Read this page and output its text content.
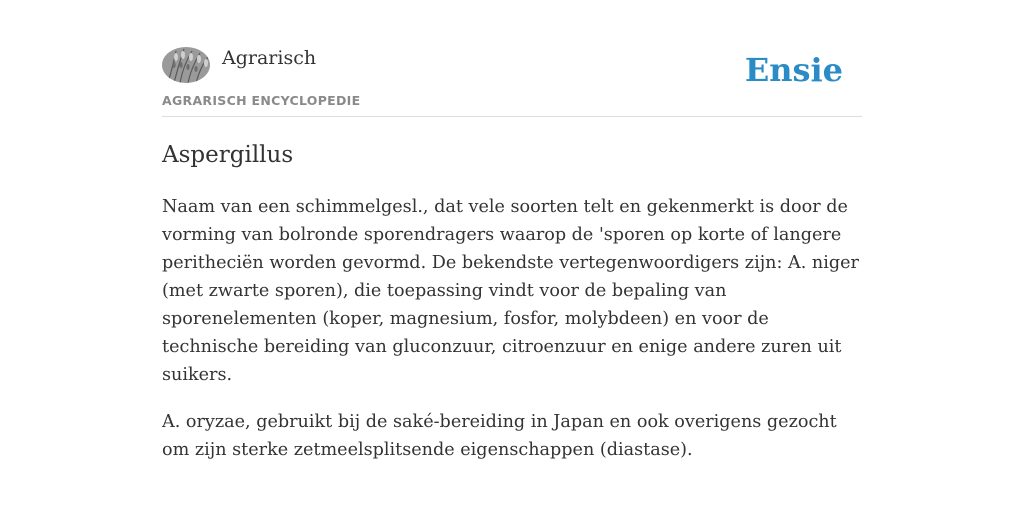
Agrarisch
AGRARISCH ENCYCLOPEDIE
Ensie
Aspergillus

Naam van een schimmelgesl., dat vele soorten telt en gekenmerkt is door de vorming van bolronde sporendragers waarop de 'sporen op korte of langere peritheciën worden gevormd. De bekendste vertegenwoordigers zijn: A. niger (met zwarte sporen), die toepassing vindt voor de bepaling van sporenelementen (koper, magnesium, fosfor, molybdeen) en voor de technische bereiding van gluconzuur, citroenzuur en enige andere zuren uit suikers.

A. oryzae, gebruikt bij de saké-bereiding in Japan en ook overigens gezocht om zijn sterke zetmeelsplitsende eigenschappen (diastase).
